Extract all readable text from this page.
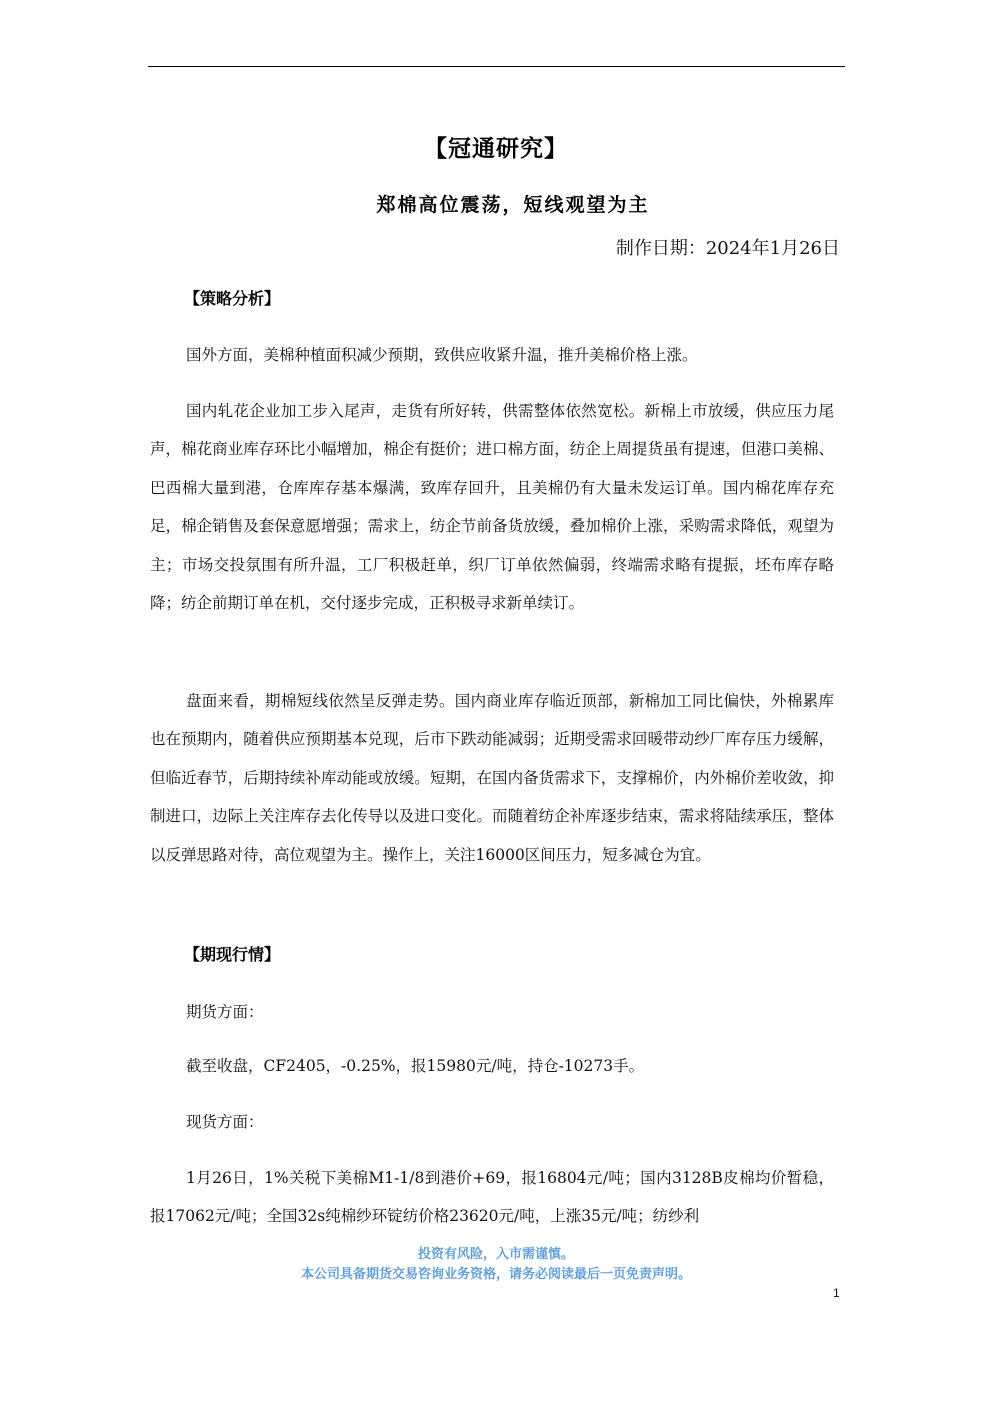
【冠通研究】
郑棉高位震荡，短线观望为主
制作日期：2024年1月26日
【策略分析】
国外方面，美棉种植面积减少预期，致供应收紧升温，推升美棉价格上涨。
国内轧花企业加工步入尾声，走货有所好转，供需整体依然宽松。新棉上市放缓，供应压力尾声，棉花商业库存环比小幅增加，棉企有挺价；进口棉方面，纺企上周提货虽有提速，但港口美棉、巴西棉大量到港，仓库库存基本爆满，致库存回升，且美棉仍有大量未发运订单。国内棉花库存充足，棉企销售及套保意愿增强；需求上，纺企节前备货放缓，叠加棉价上涨，采购需求降低，观望为主；市场交投氛围有所升温，工厂积极赶单，织厂订单依然偏弱，终端需求略有提振，坯布库存略降；纺企前期订单在机，交付逐步完成，正积极寻求新单续订。
盘面来看，期棉短线依然呈反弹走势。国内商业库存临近顶部，新棉加工同比偏快，外棉累库也在预期内，随着供应预期基本兑现，后市下跌动能减弱；近期受需求回暖带动纱厂库存压力缓解，但临近春节，后期持续补库动能或放缓。短期，在国内备货需求下，支撑棉价，内外棉价差收敛，抑制进口，边际上关注库存去化传导以及进口变化。而随着纺企补库逐步结束，需求将陆续承压，整体以反弹思路对待，高位观望为主。操作上，关注16000区间压力，短多减仓为宜。
【期现行情】
期货方面：
截至收盘，CF2405，-0.25%，报15980元/吨，持仓-10273手。
现货方面：
1月26日，1%关税下美棉M1-1/8到港价+69，报16804元/吨；国内3128B皮棉均价暂稳，报17062元/吨；全国32s纯棉纱环锭纺价格23620元/吨，上涨35元/吨；纺纱利
投资有风险，入市需谨慎。
本公司具备期货交易咨询业务资格，请务必阅读最后一页免责声明。
1
